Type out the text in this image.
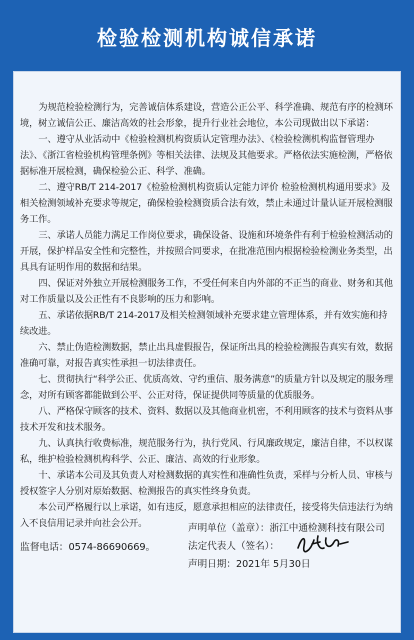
检验检测机构诚信承诺

为规范检验检测行为，完善诚信体系建设，营造公正公平、科学准确、规范有序的检测环境，树立诚信公正、廉洁高效的社会形象，提升行业社会地位，本公司现做出以下承诺：

一、遵守从业活动中《检验检测机构资质认定管理办法》、《检验检测机构监督管理办法》、《浙江省检验机构管理条例》等相关法律、法规及其他要求。严格依法实施检测，严格依据标准开展检测，确保检验公正、科学、准确。

二、遵守RB/T 214-2017《检验检测机构资质认定能力评价 检验检测机构通用要求》及相关检测领域补充要求等规定，确保检验检测资质合法有效，禁止未通过计量认证开展检测服务工作。

三、承诺人员能力满足工作岗位要求，确保设备、设施和环境条件有利于检验检测活动的开展，保护样品安全性和完整性，并按照合同要求，在批准范围内根据检验检测业务类型，出具具有证明作用的数据和结果。

四、保证对外独立开展检测服务工作，不受任何来自内外部的不正当的商业、财务和其他对工作质量以及公正性有不良影响的压力和影响。

五、承诺依据RB/T 214-2017及相关检测领域补充要求建立管理体系，并有效实施和持续改进。

六、禁止伪造检测数据，禁止出具虚假报告，保证所出具的检验检测报告真实有效，数据准确可靠，对报告真实性承担一切法律责任。

七、贯彻执行“科学公正、优质高效、守约重信、服务满意”的质量方针以及规定的服务理念，对所有顾客都能做到公平、公正对待，保证提供同等质量的优质服务。

八、严格保守顾客的技术、资料、数据以及其他商业机密，不利用顾客的技术与资料从事技术开发和技术服务。

九、认真执行收费标准，规范服务行为，执行党风、行风廉政规定，廉洁自律，不以权谋私，维护检验检测机构科学、公正、廉洁、高效的行业形象。

十、承诺本公司及其负责人对检测数据的真实性和准确性负责，采样与分析人员、审核与授权签字人分别对原始数据、检测报告的真实性终身负责。

本公司严格履行以上承诺，如有违反，愿意承担相应的法律责任，接受将失信违法行为纳入不良信用记录并向社会公开。

监督电话：0574-86690669。

声明单位（盖章）：浙江中通检测科技有限公司
法定代表人（签名）：
声明日期：2021年 5月30日
